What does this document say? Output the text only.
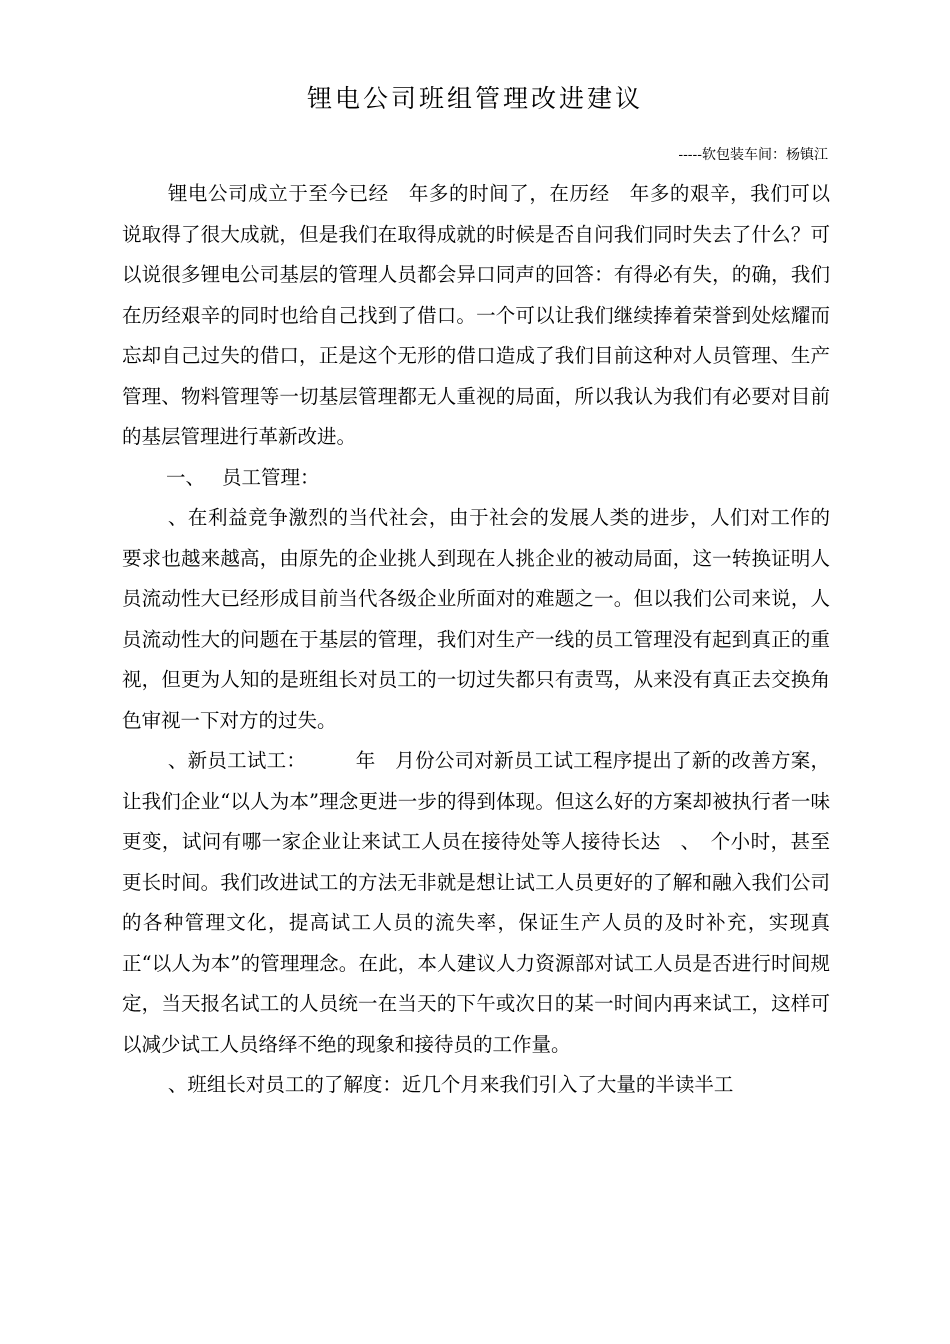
锂电公司班组管理改进建议
-----软包装车间：杨镇江

锂电公司成立于至今已经　年多的时间了，在历经　年多的艰辛，我们可以说取得了很大成就，但是我们在取得成就的时候是否自问我们同时失去了什么？可以说很多锂电公司基层的管理人员都会异口同声的回答：有得必有失，的确，我们在历经艰辛的同时也给自己找到了借口。一个可以让我们继续捧着荣誉到处炫耀而忘却自己过失的借口，正是这个无形的借口造成了我们目前这种对人员管理、生产管理、物料管理等一切基层管理都无人重视的局面，所以我认为我们有必要对目前的基层管理进行革新改进。

一、 员工管理：

、在利益竞争激烈的当代社会，由于社会的发展人类的进步，人们对工作的要求也越来越高，由原先的企业挑人到现在人挑企业的被动局面，这一转换证明人员流动性大已经形成目前当代各级企业所面对的难题之一。但以我们公司来说，人员流动性大的问题在于基层的管理，我们对生产一线的员工管理没有起到真正的重视，但更为人知的是班组长对员工的一切过失都只有责骂，从来没有真正去交换角色审视一下对方的过失。

、新员工试工：　　　年　月份公司对新员工试工程序提出了新的改善方案，让我们企业“以人为本”理念更进一步的得到体现。但这么好的方案却被执行者一味更变，试问有哪一家企业让来试工人员在接待处等人接待长达　、　个小时，甚至更长时间。我们改进试工的方法无非就是想让试工人员更好的了解和融入我们公司的各种管理文化，提高试工人员的流失率，保证生产人员的及时补充，实现真正“以人为本”的管理理念。在此，本人建议人力资源部对试工人员是否进行时间规定，当天报名试工的人员统一在当天的下午或次日的某一时间内再来试工，这样可以减少试工人员络绎不绝的现象和接待员的工作量。

、班组长对员工的了解度：近几个月来我们引入了大量的半读半工
